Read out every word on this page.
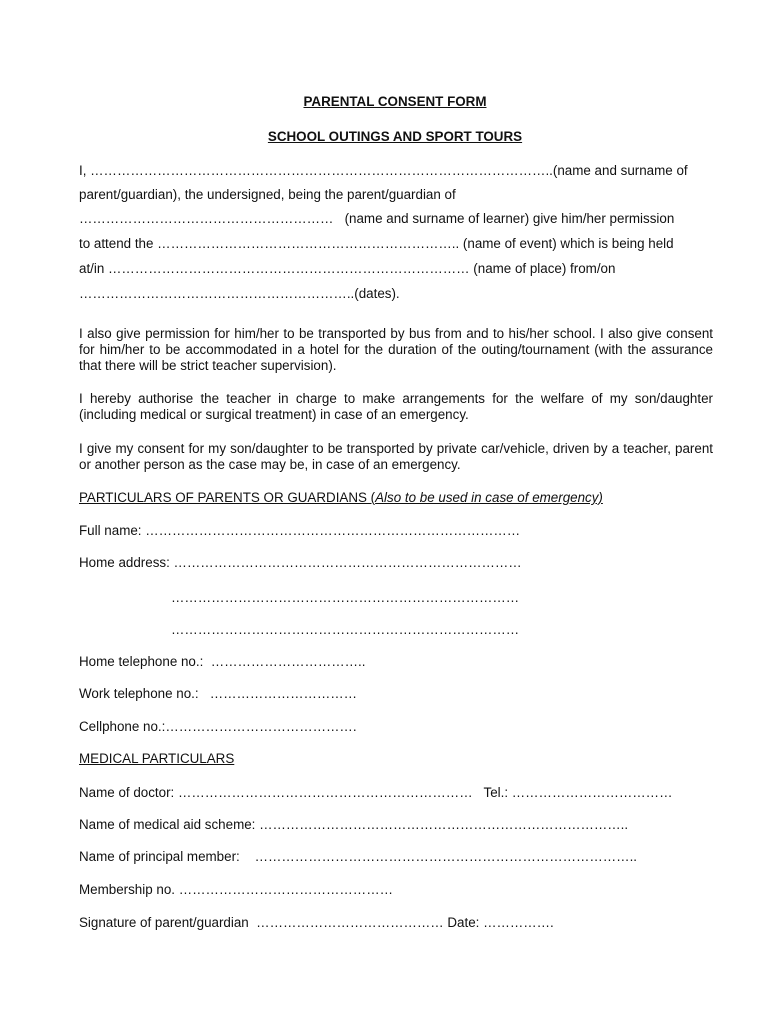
PARENTAL CONSENT FORM
SCHOOL OUTINGS AND SPORT TOURS
I, …………………………………………………………………………………………..(name and surname of
parent/guardian), the undersigned, being the parent/guardian of
…………………………………………………   (name and surname of learner) give him/her permission
to attend the ………………………………………………………….. (name of event) which is being held
at/in ……………………………………………………………………… (name of place) from/on
……………………………………………………..(dates).
I also give permission for him/her to be transported by bus from and to his/her school. I also give consent for him/her to be accommodated in a hotel for the duration of the outing/tournament (with the assurance that there will be strict teacher supervision).
I hereby authorise the teacher in charge to make arrangements for the welfare of my son/daughter (including medical or surgical treatment) in case of an emergency.
I give my consent for my son/daughter to be transported by private car/vehicle, driven by a teacher, parent or another person as the case may be, in case of an emergency.
PARTICULARS OF PARENTS OR GUARDIANS (Also to be used in case of emergency)
Full name: …………………………………………………………………………
Home address: ……………………………………………………………………
……………………………………………………………………
……………………………………………………………………
Home telephone no.:  ……………………………..
Work telephone no.:   ……………………………
Cellphone no.:…………………………………….
MEDICAL PARTICULARS
Name of doctor: …………………………………………………………   Tel.: ………………………………
Name of medical aid scheme: ………………………………………………………………………..
Name of principal member:    …………………………………………………………………………..
Membership no. …………………………………………
Signature of parent/guardian  …………………………………… Date: …………….
